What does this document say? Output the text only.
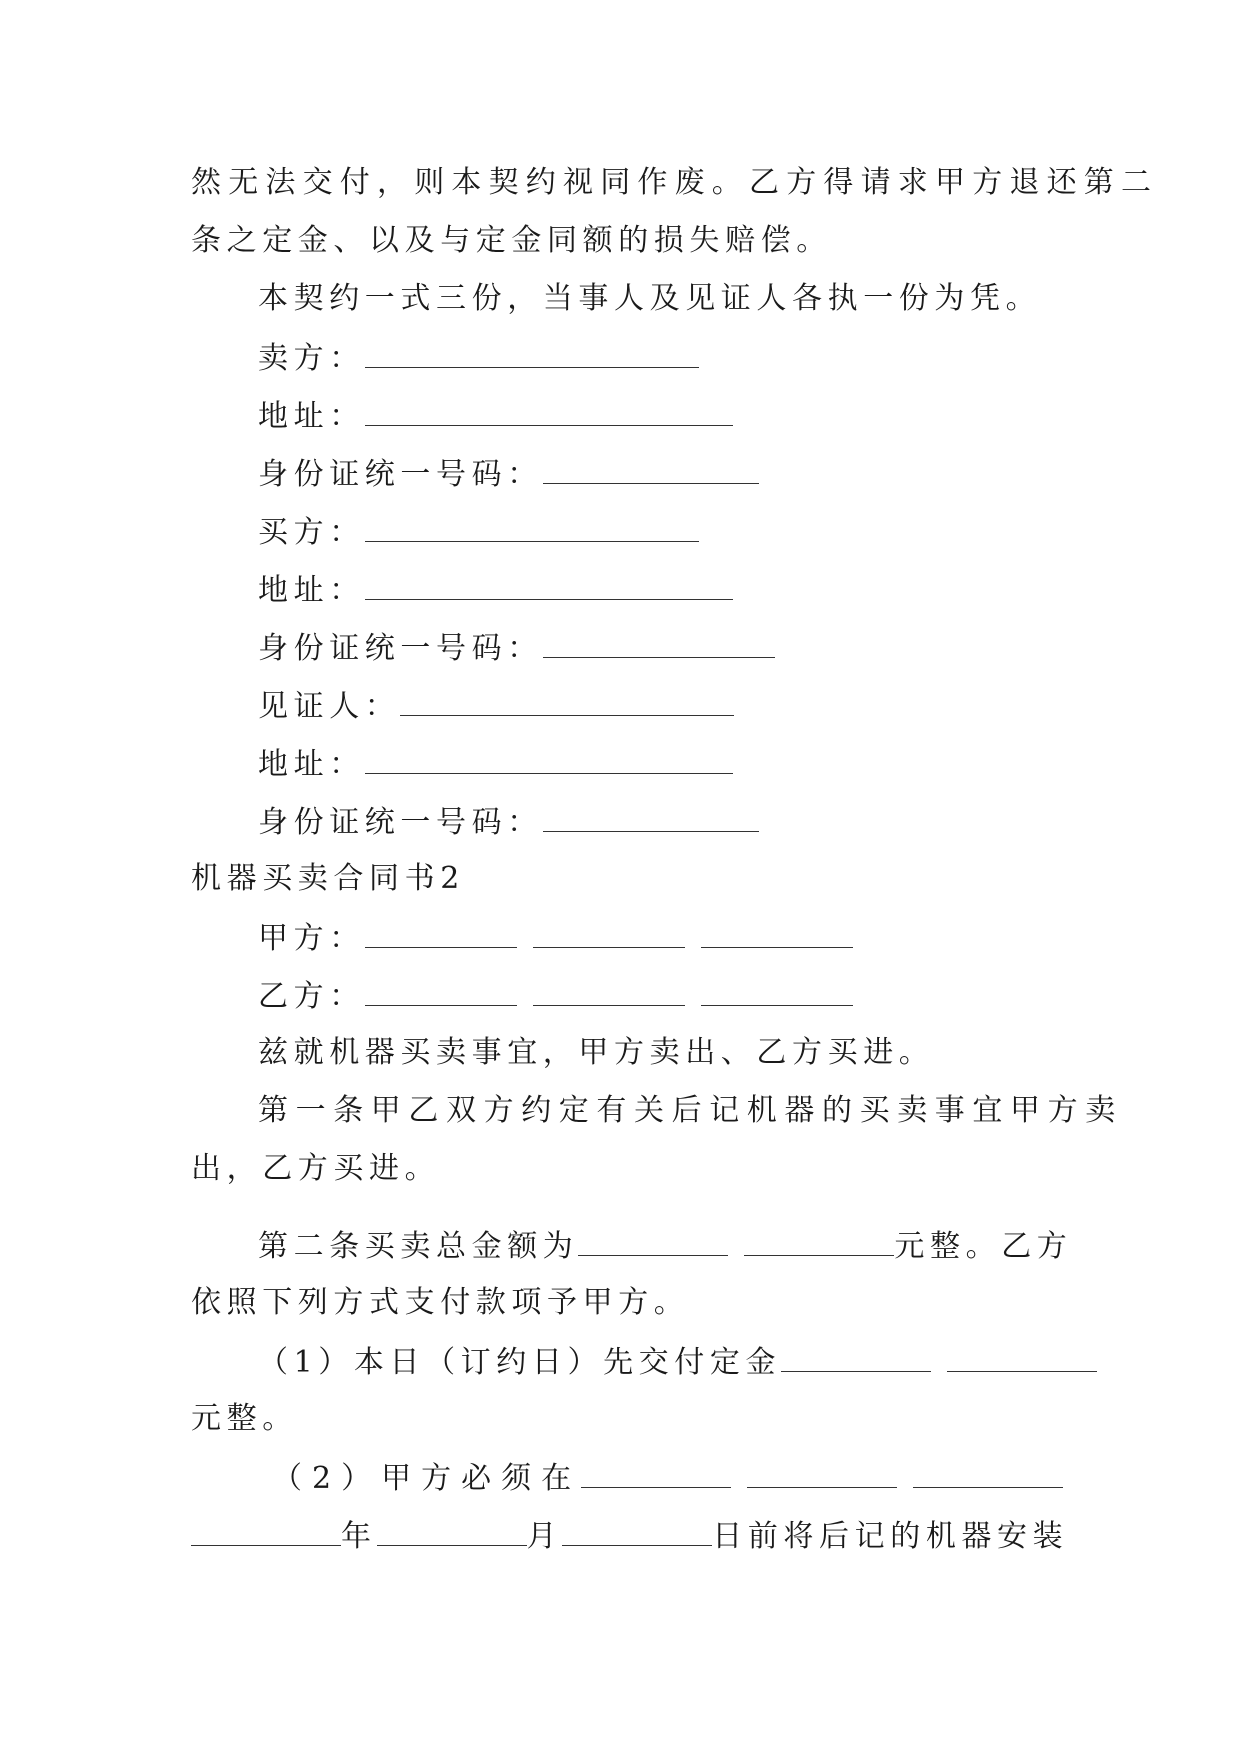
然无法交付，则本契约视同作废。乙方得请求甲方退还第二
条之定金、以及与定金同额的损失赔偿。
本契约一式三份，当事人及见证人各执一份为凭。
卖方：
地址：
身份证统一号码：
买方：
地址：
身份证统一号码：
见证人：
地址：
身份证统一号码：
机器买卖合同书2
甲方：
乙方：
兹就机器买卖事宜，甲方卖出、乙方买进。
第一条甲乙双方约定有关后记机器的买卖事宜甲方卖
出，乙方买进。
第二条买卖总金额为	元整。乙方
依照下列方式支付款项予甲方。
（1）本日（订约日）先交付定金
元整。
（2）甲方必须在
年	月	日前将后记的机器安装
